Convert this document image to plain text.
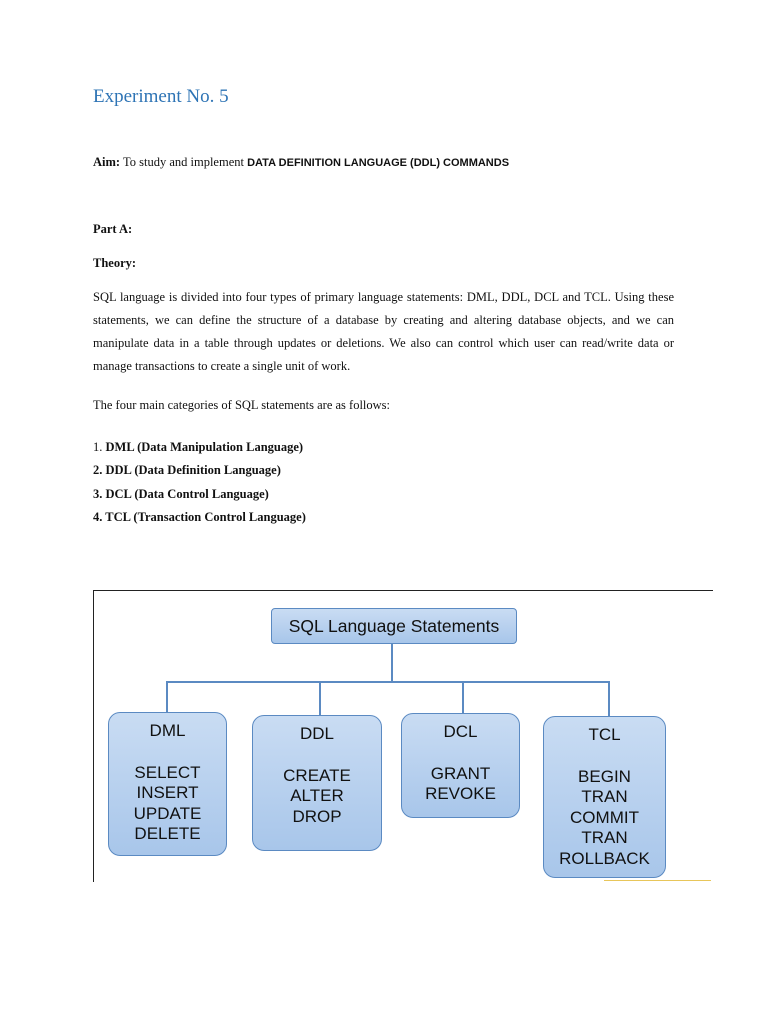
Experiment No. 5
Aim: To study and implement DATA DEFINITION LANGUAGE (DDL) COMMANDS
Part A:
Theory:

SQL language is divided into four types of primary language statements: DML, DDL, DCL and TCL. Using these statements, we can define the structure of a database by creating and altering database objects, and we can manipulate data in a table through updates or deletions. We also can control which user can read/write data or manage transactions to create a single unit of work.

The four main categories of SQL statements are as follows:
1. DML (Data Manipulation Language)
2. DDL (Data Definition Language)
3. DCL (Data Control Language)
4. TCL (Transaction Control Language)
SQL Language Statements
DML
SELECT
INSERT
UPDATE
DELETE
DDL
CREATE
ALTER
DROP
DCL
GRANT
REVOKE
TCL
BEGIN
TRAN
COMMIT
TRAN
ROLLBACK
